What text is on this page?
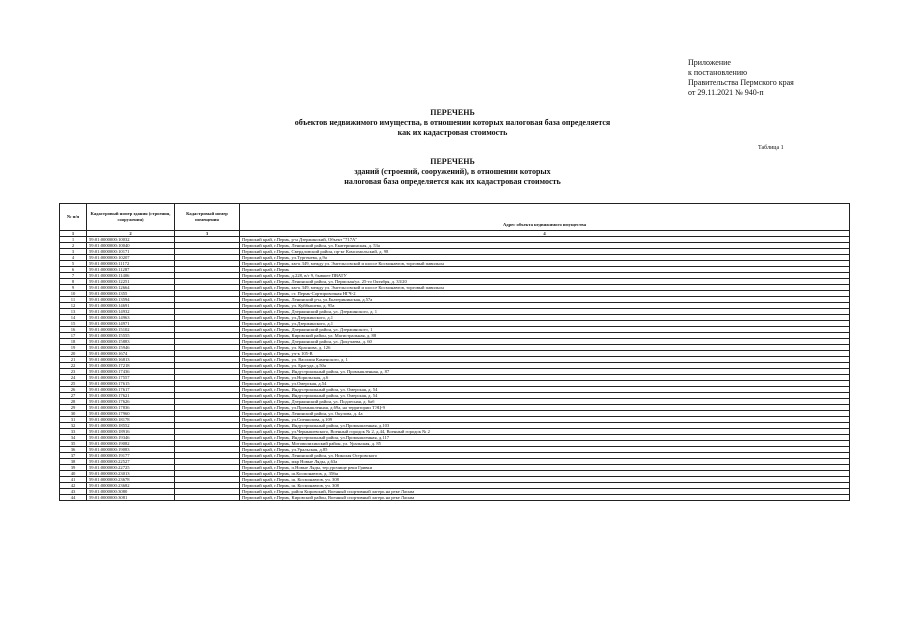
Приложение
к постановлению
Правительства Пермского края
от 29.11.2021 № 940-п
ПЕРЕЧЕНЬ
объектов недвижимого имущества, в отношении которых налоговая база определяется
как их кадастровая стоимость
Таблица 1
ПЕРЕЧЕНЬ
зданий (строений, сооружений), в отношении которых
налоговая база определяется как их кадастровая стоимость
№ п/п	Кадастровый номер здания (строения, сооружения)	Кадастровый номер помещения	Адрес объекта недвижимого имущества
1	2	3	4
1	59:01:0000000:10032		Пермский край, г.Пермь, р-н Дзержинский, Объект "717А"
2	59:01:0000000:10040		Пермский край, г.Пермь, Ленинский район, ул. Екатерининская, д. 53а
3	59:01:0000000:10171		Пермский край, г.Пермь, Свердловский район, пр-кт Комсомольский, д. 98
4	59:01:0000000:10207		Пермский край, г.Пермь, ул.Тургенева, д.9а
5	59:01:0000000:11172		Пермский край, г.Пермь, км-к 349, между ул. Энгельсовской и шоссе Космонавтов, торговый павильон
6	59:01:0000000:11287		Пермский край, г.Пермь
7	59:01:0000000:11406		Пермский край, г.Пермь, д.228, в/г 9, бывшее ПВАТУ
8	59:01:0000000:12251		Пермский край, г.Пермь, Ленинский район, ул. Пермская/ул. 25-го Октября, д. 33/20
9	59:01:0000000:12664		Пермский край, г.Пермь, км-к 349, между ул. Энгельсовской и шоссе Космонавтов, торговый павильон
10	59:01:0000000:1355		Пермский край, г.Пермь, ст. Пермь-Сортировочная НГЧ-2
11	59:01:0000000:13594		Пермский край, г.Пермь, Ленинский р-н, ул.Екатерининская, д.57а
12	59:01:0000000:14691		Пермский край, г.Пермь, ул. Куйбышева, д. 95а
13	59:01:0000000:14932		Пермский край, г.Пермь, Дзержинский район, ул. Дзержинского, д. 1
14	59:01:0000000:14963		Пермский край, г.Пермь, ул.Дзержинского, д.1
15	59:01:0000000:14971		Пермский край, г.Пермь, ул.Дзержинского, д.1
16	59:01:0000000:15102		Пермский край, г.Пермь, Дзержинский район, ул. Дзержинского, 1
17	59:01:0000000:15555		Пермский край, г.Пермь, Кировский район, ул. Магистральная, д. 88
18	59:01:0000000:15883		Пермский край, г.Пермь, Дзержинский район, ул. Докучаева, д. 60
19	59:01:0000000:15946		Пермский край, г.Пермь, ул. Краснова, д. 126
20	59:01:0000000:1674		Пермский край, г.Пермь, уч-к 105-В
21	59:01:0000000:16813		Пермский край, г.Пермь, ул. Василия Каменского, д. 1
22	59:01:0000000:17218		Пермский край, г.Пермь, ул. Брагуда, д.50а
23	59:01:0000000:17436		Пермский край, г.Пермь, Индустриальный район, ул. Промышленная, д. 87
24	59:01:0000000:17557		Пермский край, г.Пермь, ул.Норильская, д.6
25	59:01:0000000:17615		Пермский край, г.Пермь, ул.Омерская, д.54
26	59:01:0000000:17617		Пермский край, г.Пермь, Индустриальный район, ул. Омерская, д. 54
27	59:01:0000000:17621		Пермский край, г.Пермь, Индустриальный район, ул. Омерская, д. 54
28	59:01:0000000:17626		Пермский край, г.Пермь, Дзержинский район, ул. Подлесная, д. 6аб
29	59:01:0000000:17836		Пермский край, г.Пермь, ул.Промышленная, д.69а, на территории ТЭЦ-9
30	59:01:0000000:17960		Пермский край, г.Пермь, Ленинский район, ул. Окулова, д. 4а
31	59:01:0000000:18178		Пермский край, г.Пермь, ул.Спешилова, д.109
32	59:01:0000000:18552		Пермский край, г.Пермь, Индустриальный район, ул.Промышленная, д.103
33	59:01:0000000:18916		Пермский край, г.Пермь, ул.Чернышевского, Военный городок № 2, д.44, Военный городок № 2
34	59:01:0000000:19346		Пермский край, г.Пермь, Индустриальный район, ул.Промышленная, д.117
35	59:01:0000000:19082		Пермский край, г.Пермь, Мотовилихинский район, ул. Уральская, д. 85
36	59:01:0000000:19083		Пермский край, г.Пермь, ул.Уральская, д.85
37	59:01:0000000:19177		Пермский край, г.Пермь, Ленинский район, ул. Николая Островского
38	59:01:0000000:22527		Пермский край, г.Пермь, мкр Новые Ляды, д.63а
39	59:01:0000000:22725		Пермский край, г.Пермь, п.Новые Ляды, тер.урочище реки Гривки
40	59:01:0000000:23013		Пермский край, г.Пермь, ш.Космонавтов, д. 356н
41	59:01:0000000:23678		Пермский край, г.Пермь, ш. Космонавтов, уч. 308
42	59:01:0000000:23682		Пермский край, г.Пермь, ш. Космонавтов, уч. 308
43	59:01:0000000:3080		Пермский край, г.Пермь, район Кировский, Военный спортивный лагерь на реке Ласьва
44	59:01:0000000:3081		Пермский край, г.Пермь, Кировский район, Военный спортивный лагерь на реке Ласьва
